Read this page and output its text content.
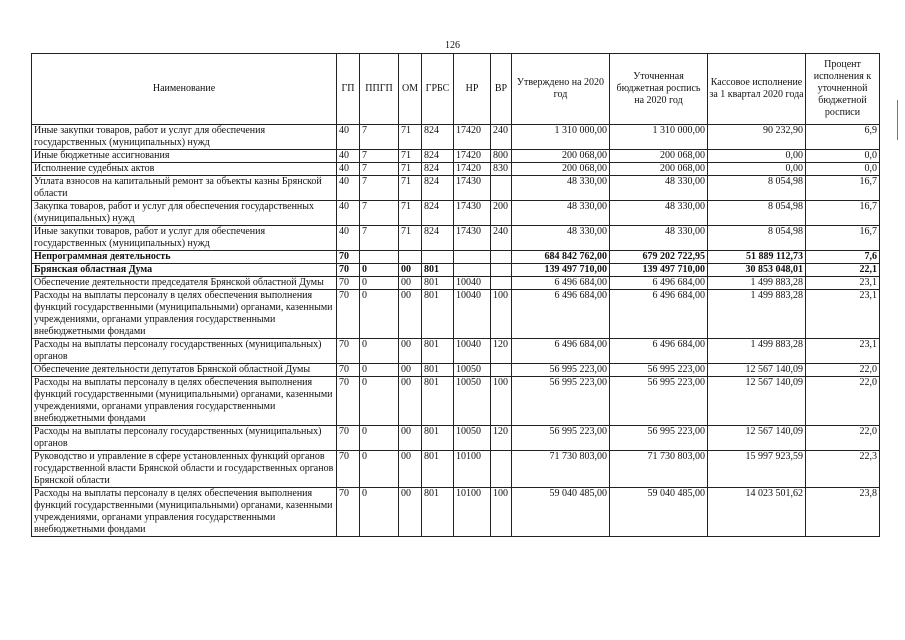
126
Наименование	ГП	ППГП	ОМ	ГРБС	НР	ВР	Утверждено на 2020 год	Уточненная бюджетная роспись на 2020 год	Кассовое исполнение за 1 квартал 2020 года	Процент исполнения к уточненной бюджетной росписи
Иные закупки товаров, работ и услуг для обеспечения государственных (муниципальных) нужд	40	7	71	824	17420	240	1 310 000,00	1 310 000,00	90 232,90	6,9
Иные бюджетные ассигнования	40	7	71	824	17420	800	200 068,00	200 068,00	0,00	0,0
Исполнение судебных актов	40	7	71	824	17420	830	200 068,00	200 068,00	0,00	0,0
Уплата взносов на капитальный ремонт за объекты казны Брянской области	40	7	71	824	17430		48 330,00	48 330,00	8 054,98	16,7
Закупка товаров, работ и услуг для обеспечения государственных (муниципальных) нужд	40	7	71	824	17430	200	48 330,00	48 330,00	8 054,98	16,7
Иные закупки товаров, работ и услуг для обеспечения государственных (муниципальных) нужд	40	7	71	824	17430	240	48 330,00	48 330,00	8 054,98	16,7
Непрограммная деятельность	70						684 842 762,00	679 202 722,95	51 889 112,73	7,6
Брянская областная Дума	70	0	00	801			139 497 710,00	139 497 710,00	30 853 048,01	22,1
Обеспечение деятельности председателя Брянской областной Думы	70	0	00	801	10040		6 496 684,00	6 496 684,00	1 499 883,28	23,1
Расходы на выплаты персоналу в целях обеспечения выполнения функций государственными (муниципальными) органами, казенными учреждениями, органами управления государственными внебюджетными фондами	70	0	00	801	10040	100	6 496 684,00	6 496 684,00	1 499 883,28	23,1
Расходы на выплаты персоналу государственных (муниципальных) органов	70	0	00	801	10040	120	6 496 684,00	6 496 684,00	1 499 883,28	23,1
Обеспечение деятельности депутатов Брянской областной Думы	70	0	00	801	10050		56 995 223,00	56 995 223,00	12 567 140,09	22,0
Расходы на выплаты персоналу в целях обеспечения выполнения функций государственными (муниципальными) органами, казенными учреждениями, органами управления государственными внебюджетными фондами	70	0	00	801	10050	100	56 995 223,00	56 995 223,00	12 567 140,09	22,0
Расходы на выплаты персоналу государственных (муниципальных) органов	70	0	00	801	10050	120	56 995 223,00	56 995 223,00	12 567 140,09	22,0
Руководство и управление в сфере установленных функций органов государственной власти Брянской области и государственных органов Брянской области	70	0	00	801	10100		71 730 803,00	71 730 803,00	15 997 923,59	22,3
Расходы на выплаты персоналу в целях обеспечения выполнения функций государственными (муниципальными) органами, казенными учреждениями, органами управления государственными внебюджетными фондами	70	0	00	801	10100	100	59 040 485,00	59 040 485,00	14 023 501,62	23,8
